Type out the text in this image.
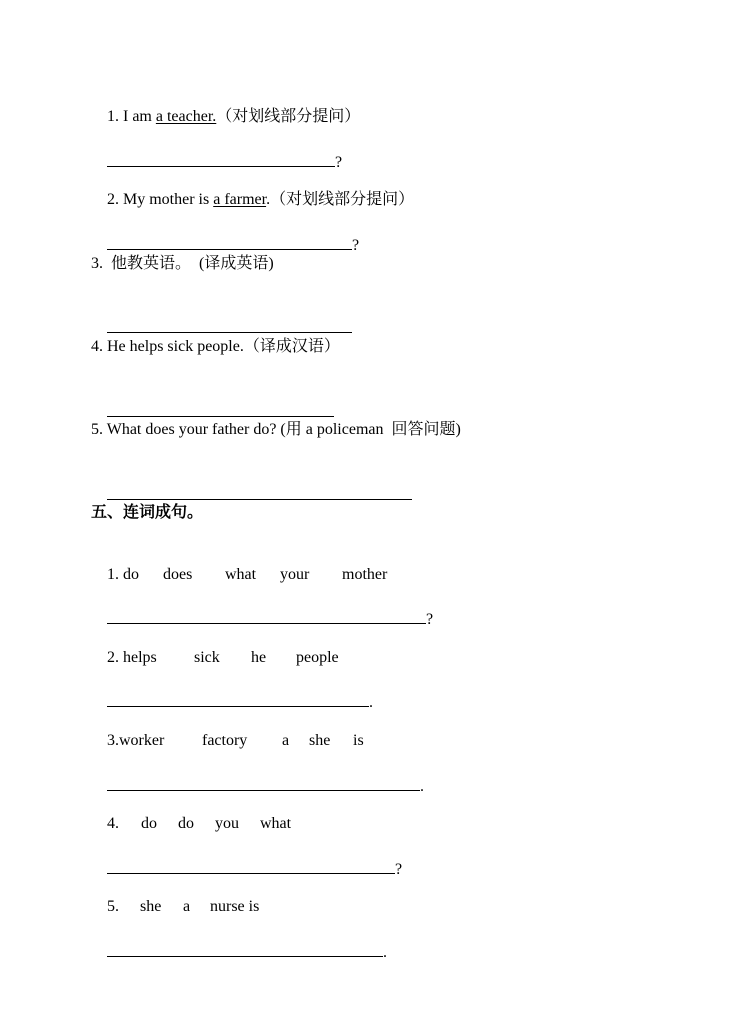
1. I am a teacher.（对划线部分提问）

?

2. My mother is a farmer.（对划线部分提问）

?

3.  他教英语。  (译成英语)

4. He helps sick people.（译成汉语）

5. What does your father do? (用 a policeman  回答问题)

五、连词成句。

1. do does what your mother

?

2. helps sick he people

.

3.worker factory a she is

.

4. do do you what

?

5. she a nurse is

.
